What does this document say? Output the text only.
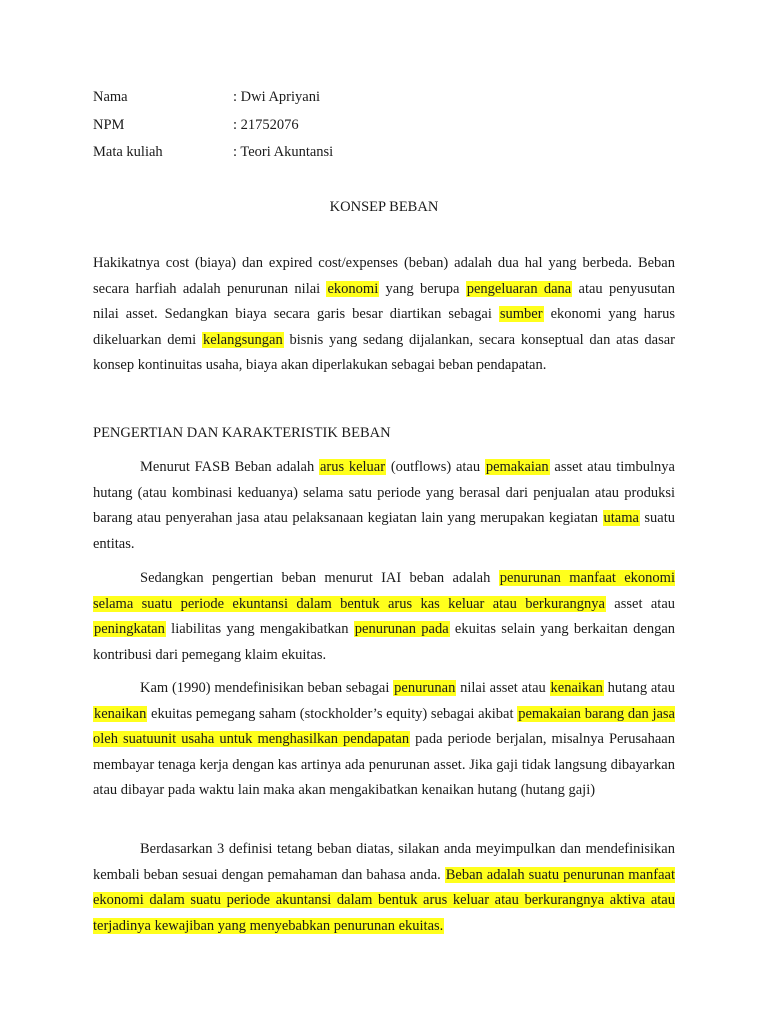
Nama	: Dwi Apriyani
NPM	: 21752076
Mata kuliah	: Teori Akuntansi
KONSEP BEBAN
Hakikatnya cost (biaya) dan expired cost/expenses (beban) adalah dua hal yang berbeda. Beban secara harfiah adalah penurunan nilai ekonomi yang berupa pengeluaran dana atau penyusutan nilai asset. Sedangkan biaya secara garis besar diartikan sebagai sumber ekonomi yang harus dikeluarkan demi kelangsungan bisnis yang sedang dijalankan, secara konseptual dan atas dasar konsep kontinuitas usaha, biaya akan diperlakukan sebagai beban pendapatan.
PENGERTIAN DAN KARAKTERISTIK BEBAN
Menurut FASB Beban adalah arus keluar (outflows) atau pemakaian asset atau timbulnya hutang (atau kombinasi keduanya) selama satu periode yang berasal dari penjualan atau produksi barang atau penyerahan jasa atau pelaksanaan kegiatan lain yang merupakan kegiatan utama suatu entitas.
Sedangkan pengertian beban menurut IAI beban adalah penurunan manfaat ekonomi selama suatu periode ekuntansi dalam bentuk arus kas keluar atau berkurangnya asset atau peningkatan liabilitas yang mengakibatkan penurunan pada ekuitas selain yang berkaitan dengan kontribusi dari pemegang klaim ekuitas.
Kam (1990) mendefinisikan beban sebagai penurunan nilai asset atau kenaikan hutang atau kenaikan ekuitas pemegang saham (stockholder’s equity) sebagai akibat pemakaian barang dan jasa oleh suatuunit usaha untuk menghasilkan pendapatan pada periode berjalan, misalnya Perusahaan membayar tenaga kerja dengan kas artinya ada penurunan asset. Jika gaji tidak langsung dibayarkan atau dibayar pada waktu lain maka akan mengakibatkan kenaikan hutang (hutang gaji)
Berdasarkan 3 definisi tetang beban diatas, silakan anda meyimpulkan dan mendefinisikan kembali beban sesuai dengan pemahaman dan bahasa anda. Beban adalah suatu penurunan manfaat ekonomi dalam suatu periode akuntansi dalam bentuk arus keluar atau berkurangnya aktiva atau terjadinya kewajiban yang menyebabkan penurunan ekuitas.
